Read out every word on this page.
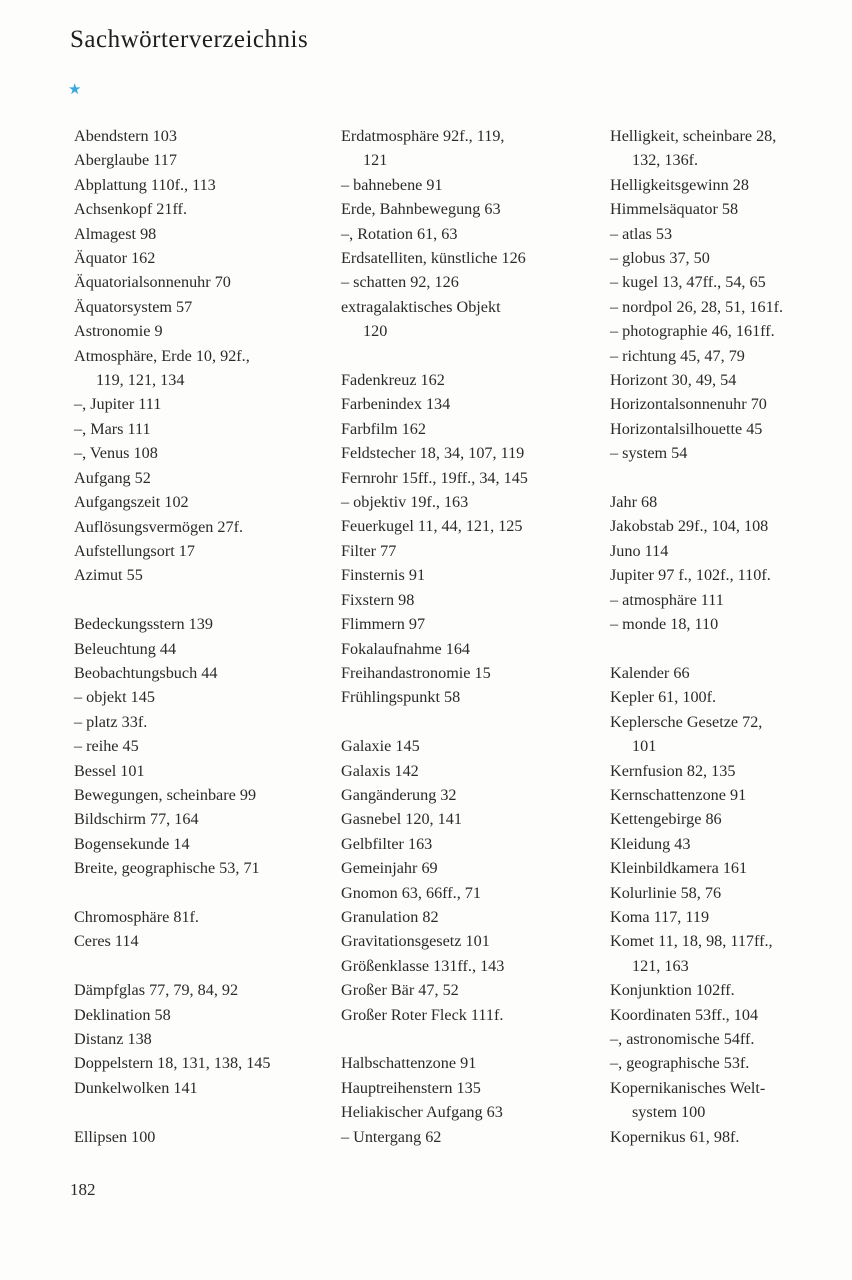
Sachwörterverzeichnis
★
Abendstern 103
Aberglaube 117
Abplattung 110f., 113
Achsenkopf 21ff.
Almagest 98
Äquator 162
Äquatorialsonnenuhr 70
Äquatorsystem 57
Astronomie 9
Atmosphäre, Erde 10, 92f.,
119, 121, 134
–, Jupiter 111
–, Mars 111
–, Venus 108
Aufgang 52
Aufgangszeit 102
Auflösungsvermögen 27f.
Aufstellungsort 17
Azimut 55
Bedeckungsstern 139
Beleuchtung 44
Beobachtungsbuch 44
– objekt 145
– platz 33f.
– reihe 45
Bessel 101
Bewegungen, scheinbare 99
Bildschirm 77, 164
Bogensekunde 14
Breite, geographische 53, 71
Chromosphäre 81f.
Ceres 114
Dämpfglas 77, 79, 84, 92
Deklination 58
Distanz 138
Doppelstern 18, 131, 138, 145
Dunkelwolken 141
Ellipsen 100
Erdatmosphäre 92f., 119,
121
– bahnebene 91
Erde, Bahnbewegung 63
–, Rotation 61, 63
Erdsatelliten, künstliche 126
– schatten 92, 126
extragalaktisches Objekt
120
Fadenkreuz 162
Farbenindex 134
Farbfilm 162
Feldstecher 18, 34, 107, 119
Fernrohr 15ff., 19ff., 34, 145
– objektiv 19f., 163
Feuerkugel 11, 44, 121, 125
Filter 77
Finsternis 91
Fixstern 98
Flimmern 97
Fokalaufnahme 164
Freihandastronomie 15
Frühlingspunkt 58
Galaxie 145
Galaxis 142
Gangänderung 32
Gasnebel 120, 141
Gelbfilter 163
Gemeinjahr 69
Gnomon 63, 66ff., 71
Granulation 82
Gravitationsgesetz 101
Größenklasse 131ff., 143
Großer Bär 47, 52
Großer Roter Fleck 111f.
Halbschattenzone 91
Hauptreihenstern 135
Heliakischer Aufgang 63
– Untergang 62
Helligkeit, scheinbare 28,
132, 136f.
Helligkeitsgewinn 28
Himmelsäquator 58
– atlas 53
– globus 37, 50
– kugel 13, 47ff., 54, 65
– nordpol 26, 28, 51, 161f.
– photographie 46, 161ff.
– richtung 45, 47, 79
Horizont 30, 49, 54
Horizontalsonnenuhr 70
Horizontalsilhouette 45
– system 54
Jahr 68
Jakobstab 29f., 104, 108
Juno 114
Jupiter 97 f., 102f., 110f.
– atmosphäre 111
– monde 18, 110
Kalender 66
Kepler 61, 100f.
Keplersche Gesetze 72,
101
Kernfusion 82, 135
Kernschattenzone 91
Kettengebirge 86
Kleidung 43
Kleinbildkamera 161
Kolurlinie 58, 76
Koma 117, 119
Komet 11, 18, 98, 117ff.,
121, 163
Konjunktion 102ff.
Koordinaten 53ff., 104
–, astronomische 54ff.
–, geographische 53f.
Kopernikanisches Welt-
system 100
Kopernikus 61, 98f.
182
